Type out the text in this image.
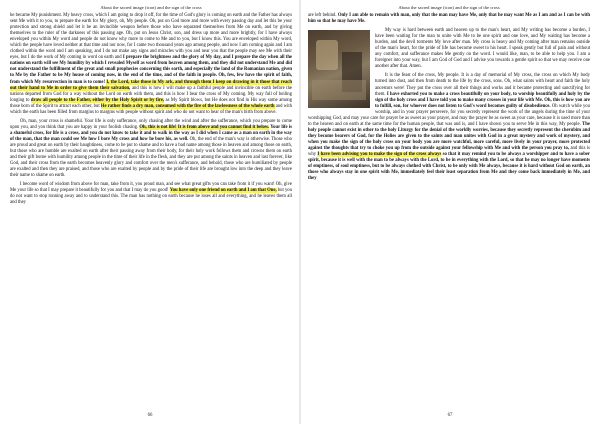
About the sacred image (icon) and the sign of the cross

he became My punishment. My heavy cross, which I am going to drop it off, for the time of God's glory is coming on earth and the Father has always sent Me with it to you, to prepare the earth for My glory, oh, My people. Oh, put on God more and more with every passing day and let this be your protection and strong shield and let it be an invincible weapon before those who have separated themselves from Me on earth, and by giving themselves to the ruler of the darkness of this passing age. Oh, put on Jesus Christ, son, and dress up more and more brightly, for I have always enveloped you within My word and people do not know why more to come to Me and to you, but I know this. You are enveloped within My word, which the people have loved neither at that time and nor now, for I came two thousand years ago among people, and now I am coming again and I am clothed within the word and I am speaking, and I do not make any signs and miracles with you and near you that the people may see Me with their eyes, but I do the work of My coming in word on earth and I prepare the brightness and the glory of My day, and I prepare the day when all the nations on earth will see My humility by which I revealed Myself as word from heaven among them, and they did not understand Me and did not understand the fulfillment of the great and small prophecies concerning this earth, and especially the land of the Romanian nation, given to Me by the Father to be My house of coming now, in the end of the time, and of the faith in people. Oh, few, few have the spirit of faith, from which My resurrection in man is to come! I, the Lord, take those in My ark, and through them I keep on drawing in it those that reach out their hand to Me in order to give them their salvation, and this is how I will make up a faithful people and invincible on earth before the nations departed from God for a way without the Lord on earth with them, and this is how I bear the cross of My coming. My way full of boiling longing to draw all people to the Father, either by the Holy Spirit or by fire, as My Spirit blows, but He does not find in His way some among those born of the Spirit to attract each other, but He rather finds a dry man, consumed with the fire of the lawlessness of the whole earth and with which the earth has been filled from margins to margins with people without spirit and who do not want to hear of the man's birth from above.

Oh, man, your cross is shameful. Your life is only sufferance, only chasing after the wind and after the sufferance, which you prepare to come upon you, and you think that you are happy in your foolish chasing. Oh, this is not life! It is from above and you cannot find it below. Your life is a shameful cross, for life is a cross, and you do not know to take it and to walk in the way as I did when I came as a man on earth in the way of the man, that the man could see Me how I bore My cross and how he bore his, as well. Oh, the end of the man's way is otherwise. Those who are proud and great on earth by their haughtiness, come to be put to shame and to have a bad name among those in heaven and among those on earth, but those who are humble are exalted on earth after their passing away from their body, for their holy work follows them and crowns them on earth and their gift borne with humility among people in the time of their life in the flesh, and they are put among the saints in heaven and last forever, like God, and their cross from the earth becomes heavenly glory and comfort over the men's sufferance, and behold, those who are humiliated by people are exalted and then they are praised, and those who are exalted by people and by the pride of their life are brought low into the deep and they leave their name to shame on earth.

I become word of wisdom from above for man, take from it, you proud man, and see what great gifts you can take from it if you want! Oh, give Me your life so that I may prepare it beautifully for you and that I may do you good! You have only one friend on earth and I am that One, but you do not want to stop running away and to understand this. The man has nothing on earth because he loses all and everything, and he leaves them all and they

66
About the sacred image (icon) and the sign of the cross

are left behind. Only I am able to remain with man, only that the man may have Me, only that he may want Me as I am and as I can be with him so that he may have Me.

My way is hard between earth and heaven up to the man's heart, and My writing has become a burden, I have been waiting for the man to unite with Me to be one spirit and one love, and My waiting has become a burden, and the devil torments My love after man. My cross is heavy and My coming after man remains outside of the man's heart, for the pride of life has become sweet to his heart. I speak gently but full of pain and without any comfort, and sufferance makes Me gently on the word. I would like, man, to be able to help you. I am a foreigner into your way, but I am God of God and I advise you towards a gentle spirit so that we may receive one another after that. Amen.

It is the feast of the cross, My people. It is a day of memorial of My cross, the cross on which My body turned into dust, and then from death to the life by the cross, sons. Oh, what saints with heart and faith the holy ancestors were! They put the cross over all their things and works and it became protecting and sanctifying for them. I have exhorted you to make a cross beautifully on your body, to worship beautifully and holy by the sign of the holy cross and I have told you to make many crosses in your life with Me. Oh, this is how you are to fulfill, son, for whoever does not listen to God's word becomes guilty of disobedience. Oh watch while you worship, and in your prayer persevere, for you secretly represent the work of the angels during the time of your worshipping God, and may your care for prayer be as sweet as your prayer, and may the prayer be as sweet as your care, because it is used more than to the heaven and on earth at the same time for the human people, that was and is, and I have shown you to serve Me in this way, My people. The holy people cannot exist in other to the holy Liturgy for the denial of the worldly worries, because they secretly represent the cherubim and they become bearers of God, for the Holies are given to the saints and man unites with God in a great mystery and work of mystery, and when you make the sign of the holy cross on your body you are more watchful, more careful, more lively in your prayer, more protected against the thoughts that try to choke you up from the outside against your fellowship with Me and with the person you pray to, and this is why I have been advising you to make the sign of the cross always so that it may remind you to be always a worshipper and to have a sober spirit, because it is well with the man to be always with the Lord, to be in everything with the Lord, so that he may no longer have moments of emptiness, of soul emptiness, but to be always clothed with Christ, to be only with Me always, because it is hard without God on earth, an those who always stay in one spirit with Me, immediately feel their least separation from Me and they come back immediately in Me, and they

67
